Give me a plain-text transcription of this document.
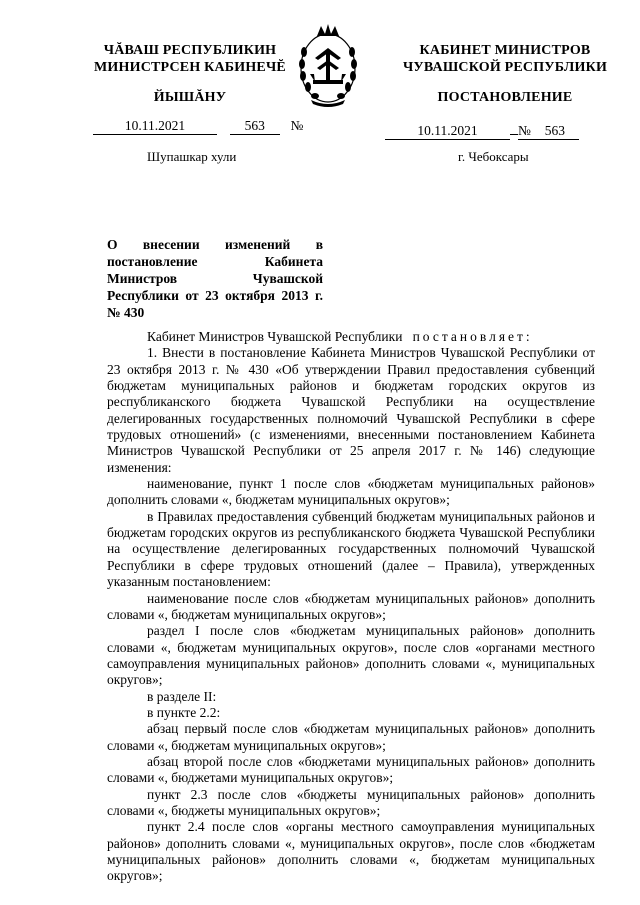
ЧĂВАШ РЕСПУБЛИКИН
МИНИСТРСЕН КАБИНЕЧĔ
ЙЫШĂНУ
КАБИНЕТ МИНИСТРОВ
ЧУВАШСКОЙ РЕСПУБЛИКИ
ПОСТАНОВЛЕНИЕ
10.11.2021	563 №	10.11.2021	№ 563
Шупашкар хули	г. Чебоксары
О внесении изменений в постановление Кабинета Министров Чувашской Республики от 23 октября 2013 г. № 430

Кабинет Министров Чувашской Республики постановляет:

1. Внести в постановление Кабинета Министров Чувашской Республики от 23 октября 2013 г. № 430 «Об утверждении Правил предоставления субвенций бюджетам муниципальных районов и бюджетам городских округов из республиканского бюджета Чувашской Республики на осуществление делегированных государственных полномочий Чувашской Республики в сфере трудовых отношений» (с изменениями, внесенными постановлением Кабинета Министров Чувашской Республики от 25 апреля 2017 г. № 146) следующие изменения:

наименование, пункт 1 после слов «бюджетам муниципальных районов» дополнить словами «, бюджетам муниципальных округов»;

в Правилах предоставления субвенций бюджетам муниципальных районов и бюджетам городских округов из республиканского бюджета Чувашской Республики на осуществление делегированных государственных полномочий Чувашской Республики в сфере трудовых отношений (далее – Правила), утвержденных указанным постановлением:

наименование после слов «бюджетам муниципальных районов» дополнить словами «, бюджетам муниципальных округов»;

раздел I после слов «бюджетам муниципальных районов» дополнить словами «, бюджетам муниципальных округов», после слов «органами местного самоуправления муниципальных районов» дополнить словами «, муниципальных округов»;

в разделе II:

в пункте 2.2:

абзац первый после слов «бюджетам муниципальных районов» дополнить словами «, бюджетам муниципальных округов»;

абзац второй после слов «бюджетами муниципальных районов» дополнить словами «, бюджетами муниципальных округов»;

пункт 2.3 после слов «бюджеты муниципальных районов» дополнить словами «, бюджеты муниципальных округов»;

пункт 2.4 после слов «органы местного самоуправления муниципальных районов» дополнить словами «, муниципальных округов», после слов «бюджетам муниципальных районов» дополнить словами «, бюджетам муниципальных округов»;
